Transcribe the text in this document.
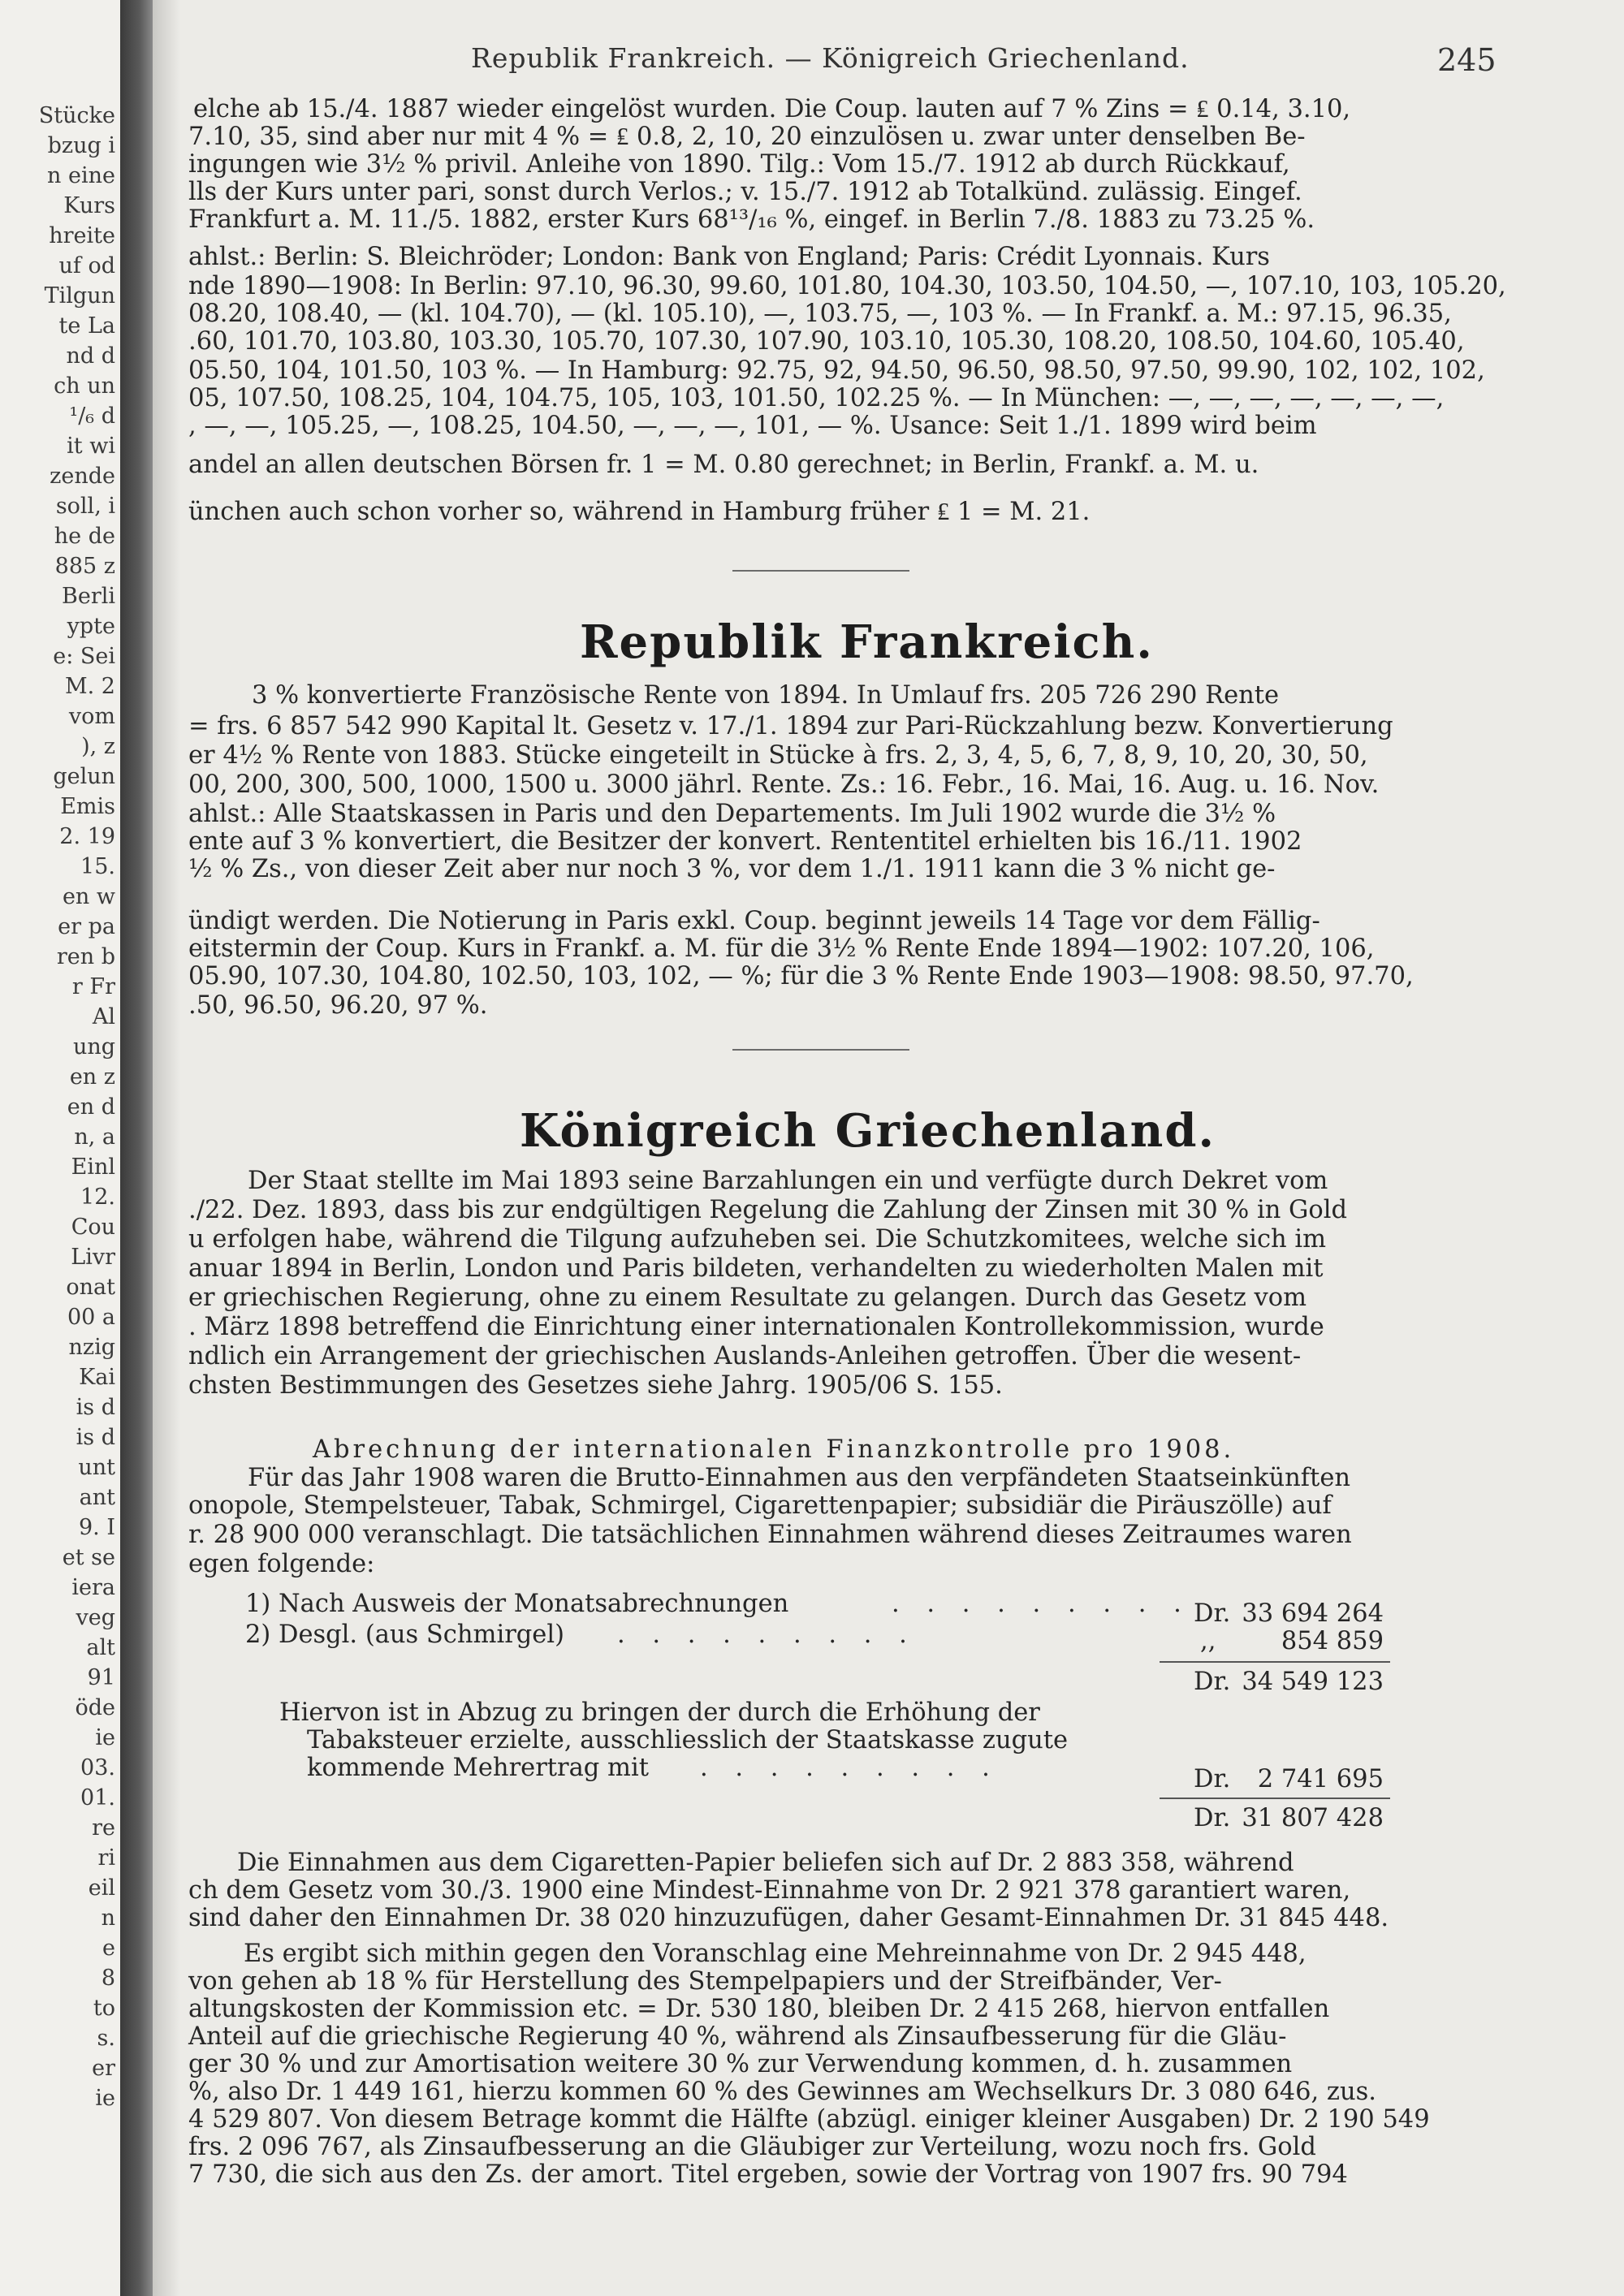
Stücke
bzug i
n eine
Kurs
hreite
uf od
Tilgun
te La
nd d
ch un
¹/₆ d
it wi
zende
soll, i
he de
885 z
Berli
ypte
e: Sei
M. 2
vom
), z
gelun
Emis
2. 19
15.
en w
er pa
ren b
r Fr
Al
ung
en z
en d
n, a
Einl
12.
Cou
Livr
onat
00 a
nzig
Kai
is d
is d
unt
ant
9. I
et se
iera
veg
alt
91
öde
ie
03.
01.
re
ri
eil
n
e
8
to
s.
er
ie
Republik Frankreich. — Königreich Griechenland.	245
elche ab 15./4. 1887 wieder eingelöst wurden. Die Coup. lauten auf 7 % Zins = ₤ 0.14, 3.10,
7.10, 35, sind aber nur mit 4 % = ₤ 0.8, 2, 10, 20 einzulösen u. zwar unter denselben Be-
ingungen wie 3½ % privil. Anleihe von 1890. Tilg.: Vom 15./7. 1912 ab durch Rückkauf,
lls der Kurs unter pari, sonst durch Verlos.; v. 15./7. 1912 ab Totalkünd. zulässig. Eingef.
Frankfurt a. M. 11./5. 1882, erster Kurs 68¹³/₁₆ %, eingef. in Berlin 7./8. 1883 zu 73.25 %.
ahlst.: Berlin: S. Bleichröder; London: Bank von England; Paris: Crédit Lyonnais. Kurs
nde 1890—1908: In Berlin: 97.10, 96.30, 99.60, 101.80, 104.30, 103.50, 104.50, —, 107.10, 103, 105.20,
08.20, 108.40, — (kl. 104.70), — (kl. 105.10), —, 103.75, —, 103 %. — In Frankf. a. M.: 97.15, 96.35,
.60, 101.70, 103.80, 103.30, 105.70, 107.30, 107.90, 103.10, 105.30, 108.20, 108.50, 104.60, 105.40,
05.50, 104, 101.50, 103 %. — In Hamburg: 92.75, 92, 94.50, 96.50, 98.50, 97.50, 99.90, 102, 102, 102,
05, 107.50, 108.25, 104, 104.75, 105, 103, 101.50, 102.25 %. — In München: —, —, —, —, —, —, —,
, —, —, 105.25, —, 108.25, 104.50, —, —, —, 101, — %. Usance: Seit 1./1. 1899 wird beim
andel an allen deutschen Börsen fr. 1 = M. 0.80 gerechnet; in Berlin, Frankf. a. M. u.
ünchen auch schon vorher so, während in Hamburg früher ₤ 1 = M. 21.
Republik Frankreich.
3 % konvertierte Französische Rente von 1894. In Umlauf frs. 205 726 290 Rente
= frs. 6 857 542 990 Kapital lt. Gesetz v. 17./1. 1894 zur Pari-Rückzahlung bezw. Konvertierung
er 4½ % Rente von 1883. Stücke eingeteilt in Stücke à frs. 2, 3, 4, 5, 6, 7, 8, 9, 10, 20, 30, 50,
00, 200, 300, 500, 1000, 1500 u. 3000 jährl. Rente. Zs.: 16. Febr., 16. Mai, 16. Aug. u. 16. Nov.
ahlst.: Alle Staatskassen in Paris und den Departements. Im Juli 1902 wurde die 3½ %
ente auf 3 % konvertiert, die Besitzer der konvert. Rententitel erhielten bis 16./11. 1902
½ % Zs., von dieser Zeit aber nur noch 3 %, vor dem 1./1. 1911 kann die 3 % nicht ge-
ündigt werden. Die Notierung in Paris exkl. Coup. beginnt jeweils 14 Tage vor dem Fällig-
eitstermin der Coup. Kurs in Frankf. a. M. für die 3½ % Rente Ende 1894—1902: 107.20, 106,
05.90, 107.30, 104.80, 102.50, 103, 102, — %; für die 3 % Rente Ende 1903—1908: 98.50, 97.70,
.50, 96.50, 96.20, 97 %.
Königreich Griechenland.
Der Staat stellte im Mai 1893 seine Barzahlungen ein und verfügte durch Dekret vom
./22. Dez. 1893, dass bis zur endgültigen Regelung die Zahlung der Zinsen mit 30 % in Gold
u erfolgen habe, während die Tilgung aufzuheben sei. Die Schutzkomitees, welche sich im
anuar 1894 in Berlin, London und Paris bildeten, verhandelten zu wiederholten Malen mit
er griechischen Regierung, ohne zu einem Resultate zu gelangen. Durch das Gesetz vom
. März 1898 betreffend die Einrichtung einer internationalen Kontrollekommission, wurde
ndlich ein Arrangement der griechischen Auslands-Anleihen getroffen. Über die wesent-
chsten Bestimmungen des Gesetzes siehe Jahrg. 1905/06 S. 155.
Abrechnung der internationalen Finanzkontrolle pro 1908.
Für das Jahr 1908 waren die Brutto-Einnahmen aus den verpfändeten Staatseinkünften
onopole, Stempelsteuer, Tabak, Schmirgel, Cigarettenpapier; subsidiär die Piräuszölle) auf
r. 28 900 000 veranschlagt. Die tatsächlichen Einnahmen während dieses Zeitraumes waren
egen folgende:
1) Nach Ausweis der Monatsabrechnungen	. . . . . . . . . Dr. 33 694 264
2) Desgl. (aus Schmirgel) . . . . . . . . .	,,	854 859
Dr. 34 549 123
Hiervon ist in Abzug zu bringen der durch die Erhöhung der
Tabaksteuer erzielte, ausschliesslich der Staatskasse zugute
kommende Mehrertrag mit . . . . . . . . .	Dr.	2 741 695
Dr. 31 807 428
Die Einnahmen aus dem Cigaretten-Papier beliefen sich auf Dr. 2 883 358, während
ch dem Gesetz vom 30./3. 1900 eine Mindest-Einnahme von Dr. 2 921 378 garantiert waren,
sind daher den Einnahmen Dr. 38 020 hinzuzufügen, daher Gesamt-Einnahmen Dr. 31 845 448.
Es ergibt sich mithin gegen den Voranschlag eine Mehreinnahme von Dr. 2 945 448,
von gehen ab 18 % für Herstellung des Stempelpapiers und der Streifbänder, Ver-
altungskosten der Kommission etc. = Dr. 530 180, bleiben Dr. 2 415 268, hiervon entfallen
Anteil auf die griechische Regierung 40 %, während als Zinsaufbesserung für die Gläu-
ger 30 % und zur Amortisation weitere 30 % zur Verwendung kommen, d. h. zusammen
%, also Dr. 1 449 161, hierzu kommen 60 % des Gewinnes am Wechselkurs Dr. 3 080 646, zus.
4 529 807. Von diesem Betrage kommt die Hälfte (abzügl. einiger kleiner Ausgaben) Dr. 2 190 549
frs. 2 096 767, als Zinsaufbesserung an die Gläubiger zur Verteilung, wozu noch frs. Gold
7 730, die sich aus den Zs. der amort. Titel ergeben, sowie der Vortrag von 1907 frs. 90 794
